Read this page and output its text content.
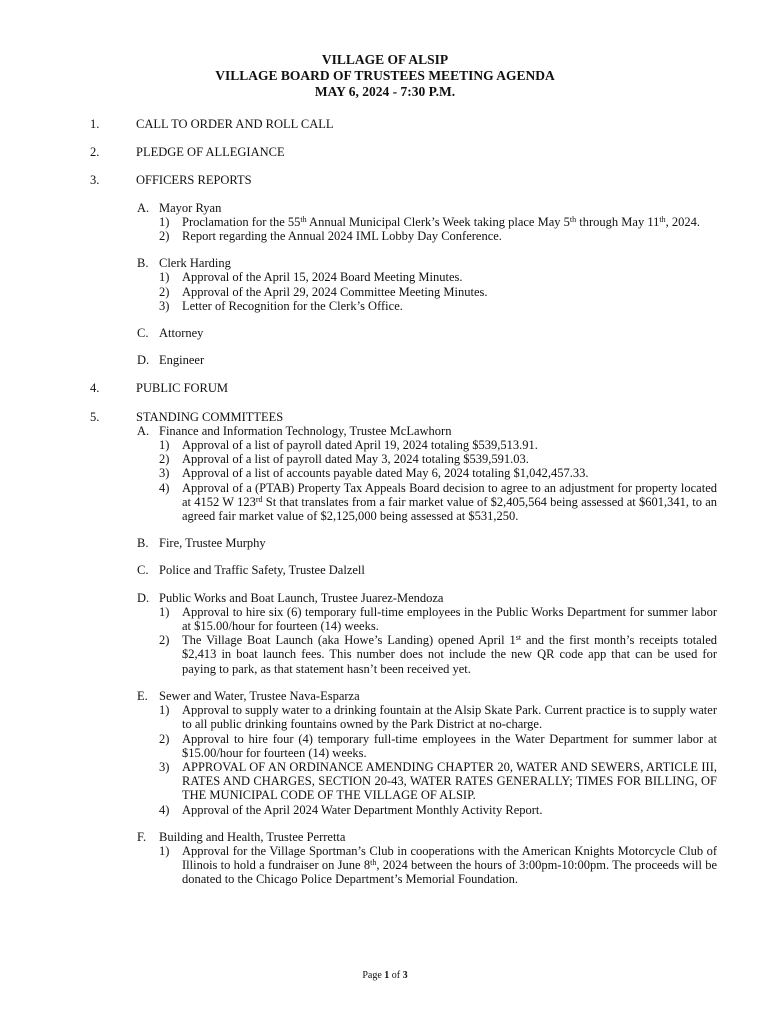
VILLAGE OF ALSIP
VILLAGE BOARD OF TRUSTEES MEETING AGENDA
MAY 6, 2024 - 7:30 P.M.
1.	CALL TO ORDER AND ROLL CALL
2.	PLEDGE OF ALLEGIANCE
3.	OFFICERS REPORTS
A. Mayor Ryan
1) Proclamation for the 55th Annual Municipal Clerk’s Week taking place May 5th through May 11th, 2024.
2) Report regarding the Annual 2024 IML Lobby Day Conference.
B. Clerk Harding
1) Approval of the April 15, 2024 Board Meeting Minutes.
2) Approval of the April 29, 2024 Committee Meeting Minutes.
3) Letter of Recognition for the Clerk’s Office.
C. Attorney
D. Engineer
4.	PUBLIC FORUM
5.	STANDING COMMITTEES
A. Finance and Information Technology, Trustee McLawhorn
1) Approval of a list of payroll dated April 19, 2024 totaling $539,513.91.
2) Approval of a list of payroll dated May 3, 2024 totaling $539,591.03.
3) Approval of a list of accounts payable dated May 6, 2024 totaling $1,042,457.33.
4) Approval of a (PTAB) Property Tax Appeals Board decision to agree to an adjustment for property located at 4152 W 123rd St that translates from a fair market value of $2,405,564 being assessed at $601,341, to an agreed fair market value of $2,125,000 being assessed at $531,250.
B. Fire, Trustee Murphy
C. Police and Traffic Safety, Trustee Dalzell
D. Public Works and Boat Launch, Trustee Juarez-Mendoza
1) Approval to hire six (6) temporary full-time employees in the Public Works Department for summer labor at $15.00/hour for fourteen (14) weeks.
2) The Village Boat Launch (aka Howe’s Landing) opened April 1st and the first month’s receipts totaled $2,413 in boat launch fees. This number does not include the new QR code app that can be used for paying to park, as that statement hasn’t been received yet.
E. Sewer and Water, Trustee Nava-Esparza
1) Approval to supply water to a drinking fountain at the Alsip Skate Park. Current practice is to supply water to all public drinking fountains owned by the Park District at no-charge.
2) Approval to hire four (4) temporary full-time employees in the Water Department for summer labor at $15.00/hour for fourteen (14) weeks.
3) APPROVAL OF AN ORDINANCE AMENDING CHAPTER 20, WATER AND SEWERS, ARTICLE III, RATES AND CHARGES, SECTION 20-43, WATER RATES GENERALLY; TIMES FOR BILLING, OF THE MUNICIPAL CODE OF THE VILLAGE OF ALSIP.
4) Approval of the April 2024 Water Department Monthly Activity Report.
F. Building and Health, Trustee Perretta
1) Approval for the Village Sportman’s Club in cooperations with the American Knights Motorcycle Club of Illinois to hold a fundraiser on June 8th, 2024 between the hours of 3:00pm-10:00pm. The proceeds will be donated to the Chicago Police Department’s Memorial Foundation.
Page 1 of 3
